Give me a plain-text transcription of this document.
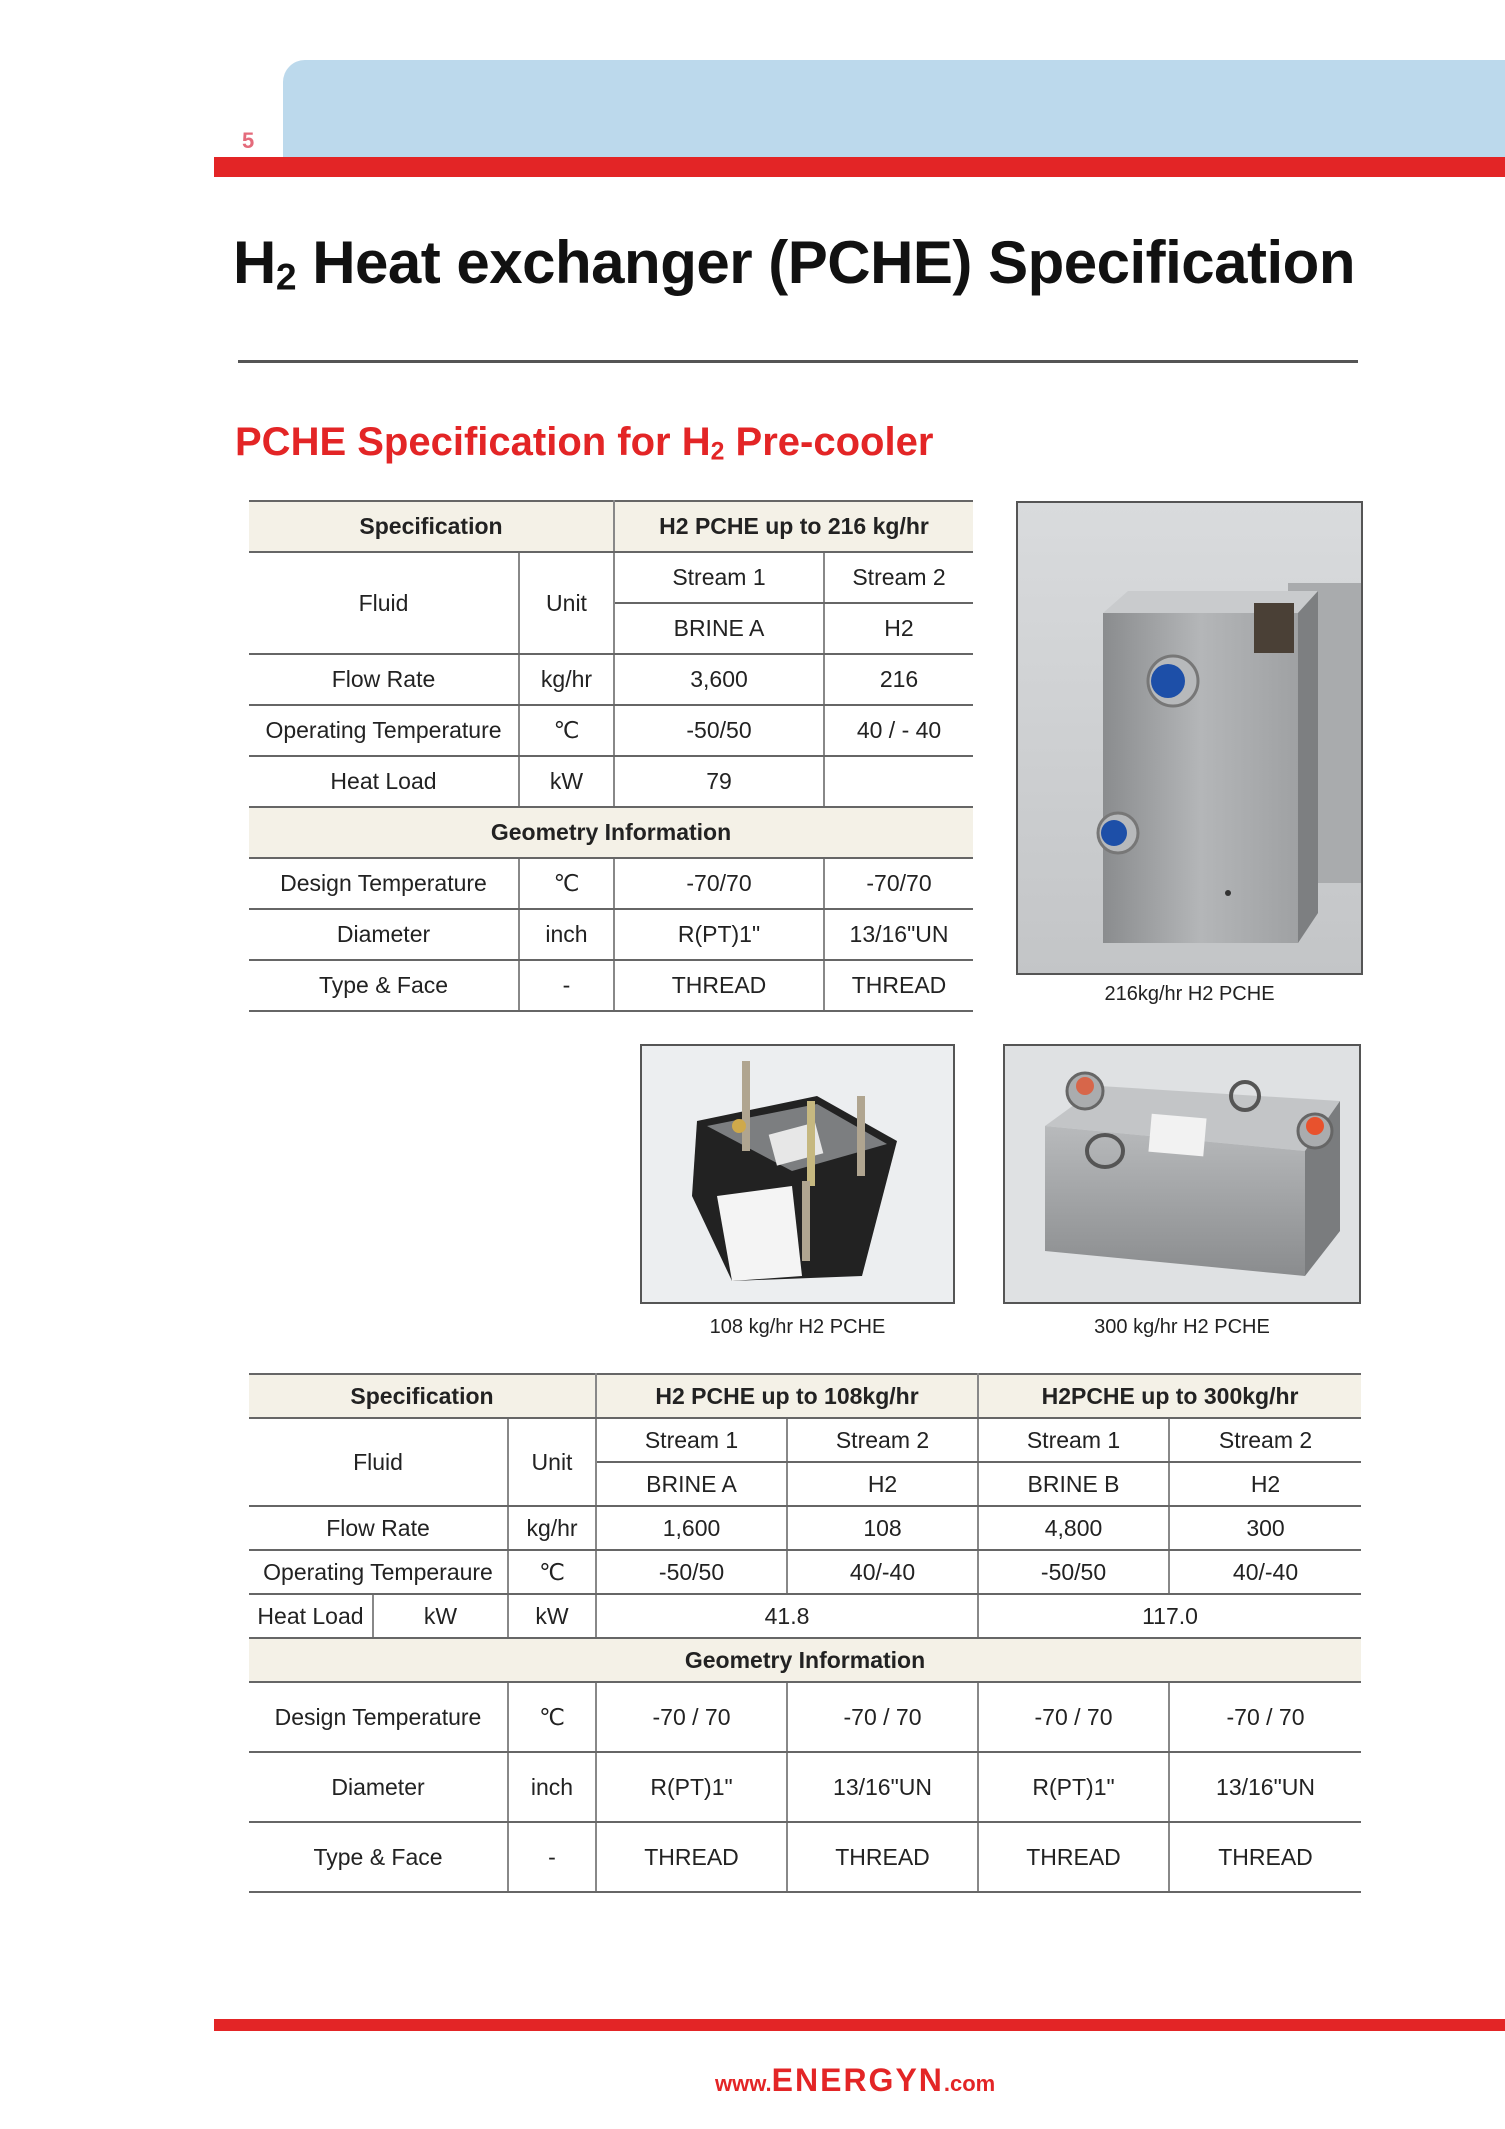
5
$H_2$ Heat exchanger (PCHE) Specification
PCHE Specification for $H_2$ Pre-cooler
Specification		H2 PCHE up to 216 kg/hr	
Fluid	Unit	Stream 1	Stream 2
		BRINE A	H2
Flow Rate	kg/hr	3,600	216
Operating Temperature	℃	-50/50	40 / - 40
Heat Load	kW	79	
Geometry Information			
Design Temperature	℃	-70/70	-70/70
Diameter	inch	R(PT)1"	13/16"UN
Type & Face	-	THREAD	THREAD	216kg/hr H2 PCHE
108 kg/hr H2 PCHE	300 kg/hr H2 PCHE
Specification			H2 PCHE up to 108kg/hr		H2PCHE up to 300kg/hr	
Fluid		Unit	Stream 1	Stream 2	Stream 1	Stream 2
			BRINE A	H2	BRINE B	H2
Flow Rate		kg/hr	1,600	108	4,800	300
Operating Temperaure		℃	-50/50	40/-40	-50/50	40/-40
Heat Load	kW	kW	41.8		117.0	
Geometry Information						
Design Temperature		℃	-70 / 70	-70 / 70	-70 / 70	-70 / 70
Diameter		inch	R(PT)1"	13/16"UN	R(PT)1"	13/16"UN
Type & Face		-	THREAD	THREAD	THREAD	THREAD
www.ENERGYN.com
